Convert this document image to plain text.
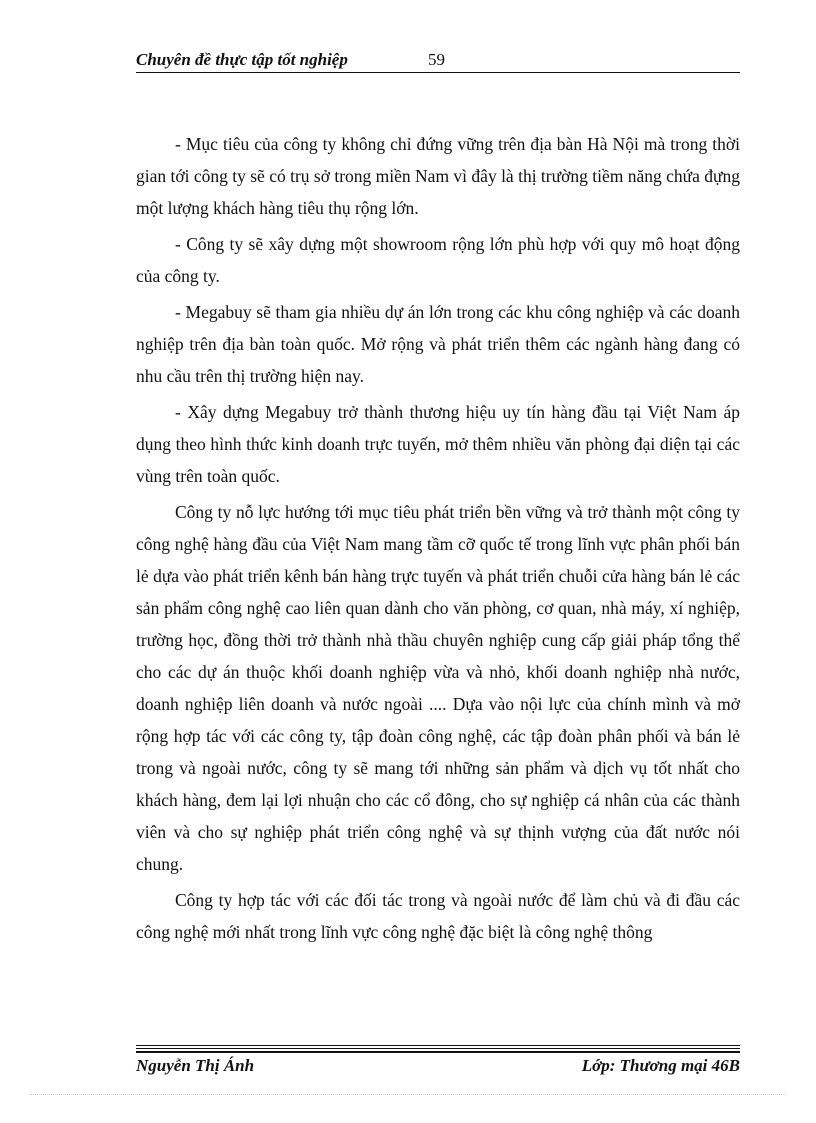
Chuyên đề thực tập tốt nghiệp	59

- Mục tiêu của công ty không chỉ đứng vững trên địa bàn Hà Nội mà trong thời gian tới công ty sẽ có trụ sở trong miền Nam vì đây là thị trường tiềm năng chứa đựng một lượng khách hàng tiêu thụ rộng lớn.

- Công ty sẽ xây dựng một showroom rộng lớn phù hợp với quy mô hoạt động của công ty.

- Megabuy sẽ tham gia nhiều dự án lớn trong các khu công nghiệp và các doanh nghiệp trên địa bàn toàn quốc. Mở rộng và phát triển thêm các ngành hàng đang có nhu cầu trên thị trường hiện nay.

- Xây dựng Megabuy trở thành thương hiệu uy tín hàng đầu tại Việt Nam áp dụng theo hình thức kinh doanh trực tuyến, mở thêm nhiều văn phòng đại diện tại các vùng trên toàn quốc.

Công ty nỗ lực hướng tới mục tiêu phát triển bền vững và trở thành một công ty công nghệ hàng đầu của Việt Nam mang tầm cỡ quốc tế trong lĩnh vực phân phối bán lẻ dựa vào phát triển kênh bán hàng trực tuyến và phát triển chuỗi cửa hàng bán lẻ các sản phẩm công nghệ cao liên quan dành cho văn phòng, cơ quan, nhà máy, xí nghiệp, trường học, đồng thời trở thành nhà thầu chuyên nghiệp cung cấp giải pháp tổng thể cho các dự án thuộc khối doanh nghiệp vừa và nhỏ, khối doanh nghiệp nhà nước, doanh nghiệp liên doanh và nước ngoài .... Dựa vào nội lực của chính mình và mở rộng hợp tác với các công ty, tập đoàn công nghệ, các tập đoàn phân phối và bán lẻ trong và ngoài nước, công ty sẽ mang tới những sản phẩm và dịch vụ tốt nhất cho khách hàng, đem lại lợi nhuận cho các cổ đông, cho sự nghiệp cá nhân của các thành viên và cho sự nghiệp phát triển công nghệ và sự thịnh vượng của đất nước nói chung.

Công ty hợp tác với các đối tác trong và ngoài nước để làm chủ và đi đầu các công nghệ mới nhất trong lĩnh vực công nghệ đặc biệt là công nghệ thông

Nguyễn Thị Ánh	Lớp: Thương mại 46B
